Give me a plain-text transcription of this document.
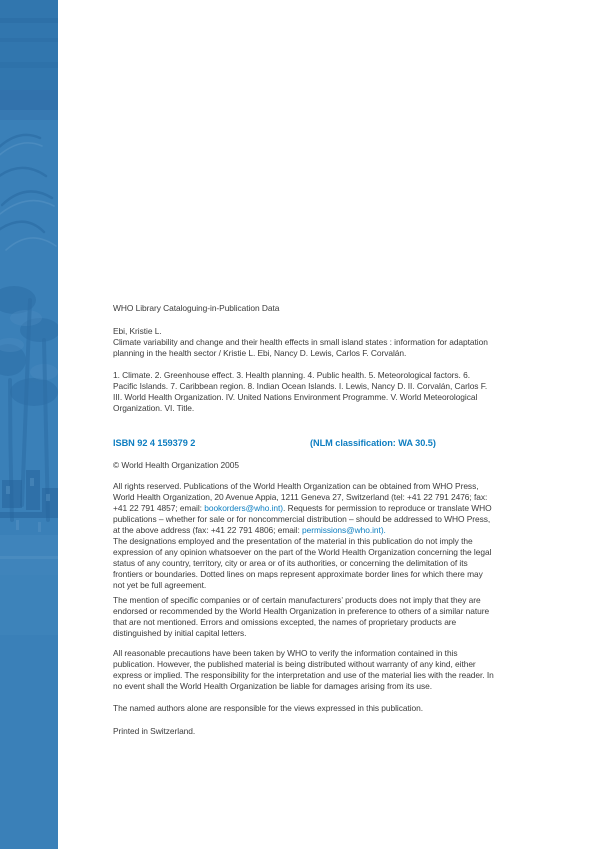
WHO Library Cataloguing-in-Publication Data

Ebi, Kristie L.
Climate variability and change and their health effects in small island states : information for adaptation planning in the health sector / Kristie L. Ebi, Nancy D. Lewis, Carlos F. Corvalán.

1. Climate. 2. Greenhouse effect. 3. Health planning. 4. Public health. 5. Meteorological factors. 6. Pacific Islands. 7. Caribbean region. 8. Indian Ocean Islands. I. Lewis, Nancy D. II. Corvalán, Carlos F. III. World Health Organization. IV. United Nations Environment Programme. V. World Meteorological Organization. VI. Title.

ISBN 92 4 159379 2	(NLM classification: WA 30.5)

© World Health Organization 2005

All rights reserved. Publications of the World Health Organization can be obtained from WHO Press, World Health Organization, 20 Avenue Appia, 1211 Geneva 27, Switzerland (tel: +41 22 791 2476; fax: +41 22 791 4857; email: bookorders@who.int). Requests for permission to reproduce or translate WHO publications – whether for sale or for noncommercial distribution – should be addressed to WHO Press, at the above address (fax: +41 22 791 4806; email: permissions@who.int).

The designations employed and the presentation of the material in this publication do not imply the expression of any opinion whatsoever on the part of the World Health Organization concerning the legal status of any country, territory, city or area or of its authorities, or concerning the delimitation of its frontiers or boundaries. Dotted lines on maps represent approximate border lines for which there may not yet be full agreement.

The mention of specific companies or of certain manufacturers’ products does not imply that they are endorsed or recommended by the World Health Organization in preference to others of a similar nature that are not mentioned. Errors and omissions excepted, the names of proprietary products are distinguished by initial capital letters.

All reasonable precautions have been taken by WHO to verify the information contained in this publication. However, the published material is being distributed without warranty of any kind, either express or implied. The responsibility for the interpretation and use of the material lies with the reader. In no event shall the World Health Organization be liable for damages arising from its use.

The named authors alone are responsible for the views expressed in this publication.

Printed in Switzerland.
